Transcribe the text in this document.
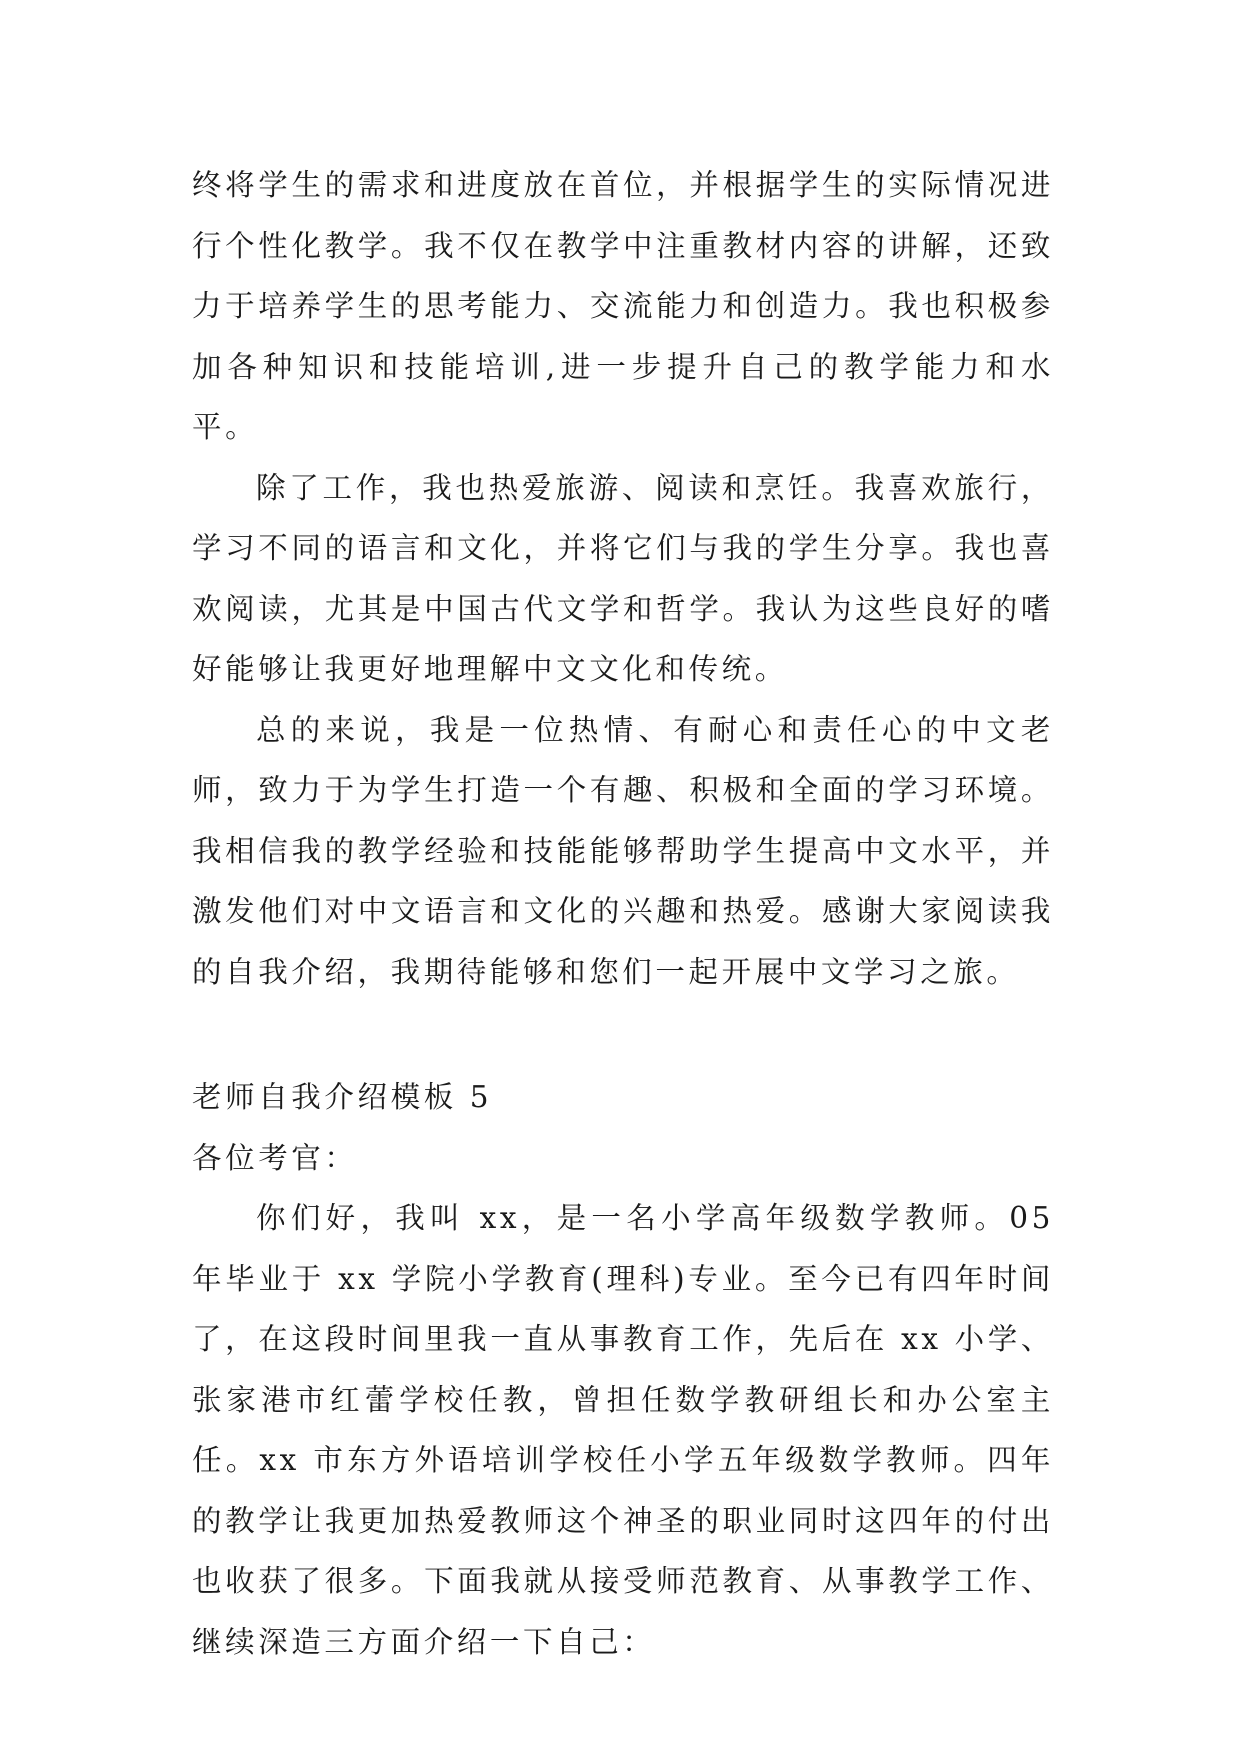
终将学生的需求和进度放在首位，并根据学生的实际情况进行个性化教学。我不仅在教学中注重教材内容的讲解，还致力于培养学生的思考能力、交流能力和创造力。我也积极参加各种知识和技能培训,进一步提升自己的教学能力和水平。

除了工作，我也热爱旅游、阅读和烹饪。我喜欢旅行，学习不同的语言和文化，并将它们与我的学生分享。我也喜欢阅读，尤其是中国古代文学和哲学。我认为这些良好的嗜好能够让我更好地理解中文文化和传统。

总的来说，我是一位热情、有耐心和责任心的中文老师，致力于为学生打造一个有趣、积极和全面的学习环境。我相信我的教学经验和技能能够帮助学生提高中文水平，并激发他们对中文语言和文化的兴趣和热爱。感谢大家阅读我的自我介绍，我期待能够和您们一起开展中文学习之旅。

老师自我介绍模板 5

各位考官：

你们好，我叫 xx，是一名小学高年级数学教师。05 年毕业于 xx 学院小学教育(理科)专业。至今已有四年时间了，在这段时间里我一直从事教育工作，先后在 xx 小学、张家港市红蕾学校任教，曾担任数学教研组长和办公室主任。xx 市东方外语培训学校任小学五年级数学教师。四年的教学让我更加热爱教师这个神圣的职业同时这四年的付出也收获了很多。下面我就从接受师范教育、从事教学工作、继续深造三方面介绍一下自己：
